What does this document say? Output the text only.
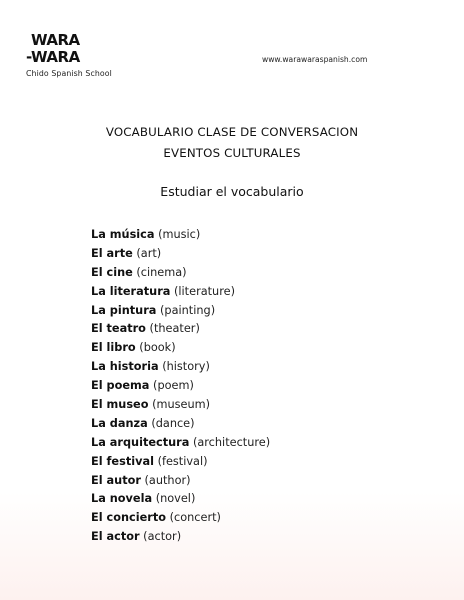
WARA
-WARA
Chido Spanish School
www.warawaraspanish.com
VOCABULARIO CLASE DE CONVERSACION
EVENTOS CULTURALES
Estudiar el vocabulario
La música (music)
El arte (art)
El cine (cinema)
La literatura (literature)
La pintura (painting)
El teatro (theater)
El libro (book)
La historia (history)
El poema (poem)
El museo (museum)
La danza (dance)
La arquitectura (architecture)
El festival (festival)
El autor (author)
La novela (novel)
El concierto (concert)
El actor (actor)
